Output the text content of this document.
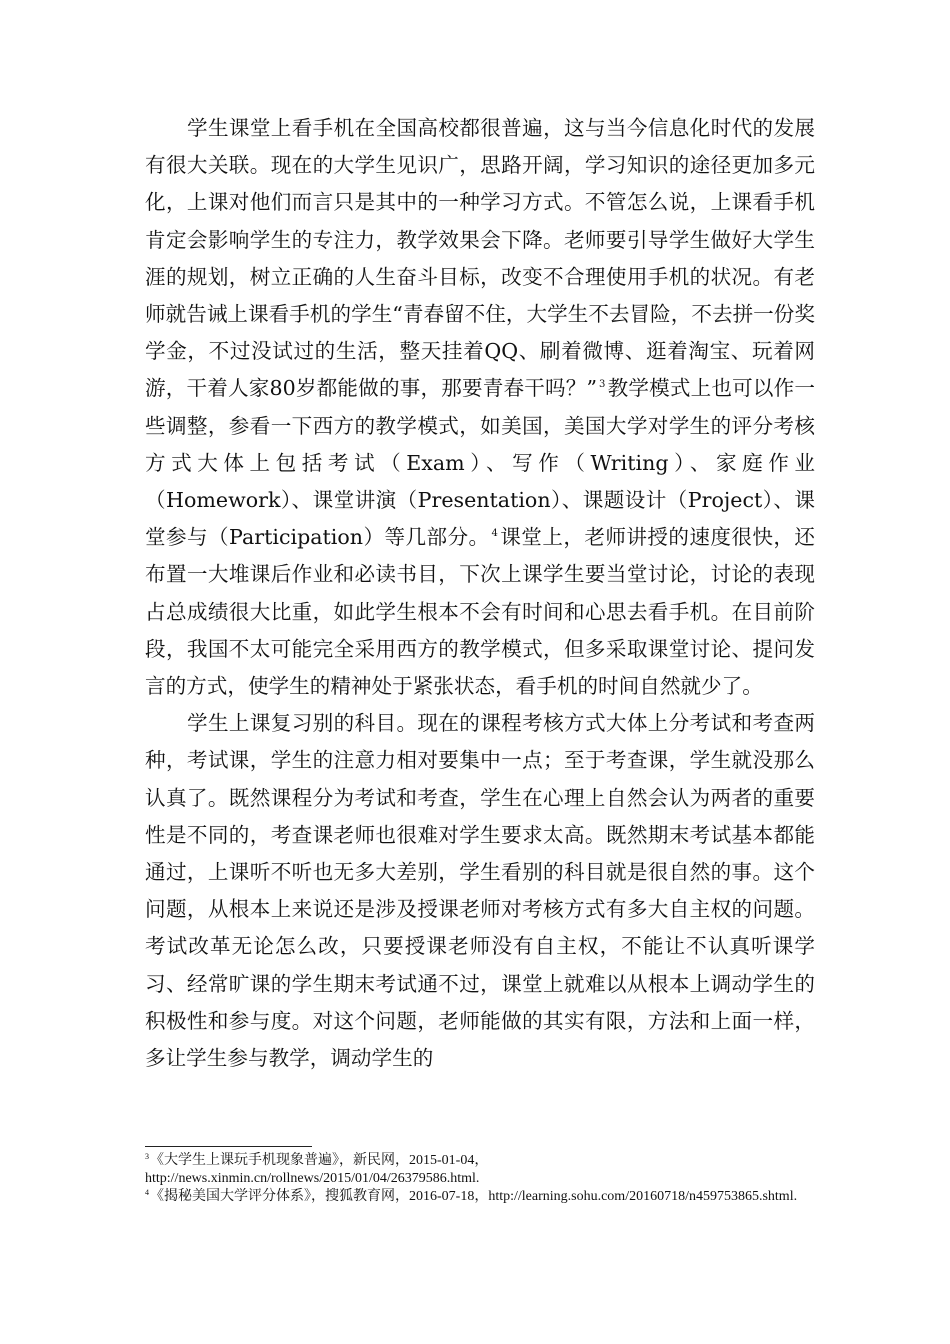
学生课堂上看手机在全国高校都很普遍，这与当今信息化时代的发展有很大关联。现在的大学生见识广，思路开阔，学习知识的途径更加多元化，上课对他们而言只是其中的一种学习方式。不管怎么说，上课看手机肯定会影响学生的专注力，教学效果会下降。老师要引导学生做好大学生涯的规划，树立正确的人生奋斗目标，改变不合理使用手机的状况。有老师就告诫上课看手机的学生“青春留不住，大学生不去冒险，不去拼一份奖学金，不过没试过的生活，整天挂着QQ、刷着微博、逛着淘宝、玩着网游，干着人家80岁都能做的事，那要青春干吗？” $^3$教学模式上也可以作一些调整，参看一下西方的教学模式，如美国，美国大学对学生的评分考核方式大体上包括考试（Exam）、写作（Writing）、家庭作业（Homework）、课堂讲演（Presentation）、课题设计（Project）、课堂参与（Participation）等几部分。 $^4$课堂上，老师讲授的速度很快，还布置一大堆课后作业和必读书目，下次上课学生要当堂讨论，讨论的表现占总成绩很大比重，如此学生根本不会有时间和心思去看手机。在目前阶段，我国不太可能完全采用西方的教学模式，但多采取课堂讨论、提问发言的方式，使学生的精神处于紧张状态，看手机的时间自然就少了。

学生上课复习别的科目。现在的课程考核方式大体上分考试和考查两种，考试课，学生的注意力相对要集中一点；至于考查课，学生就没那么认真了。既然课程分为考试和考查，学生在心理上自然会认为两者的重要性是不同的，考查课老师也很难对学生要求太高。既然期末考试基本都能通过，上课听不听也无多大差别，学生看别的科目就是很自然的事。这个问题，从根本上来说还是涉及授课老师对考核方式有多大自主权的问题。考试改革无论怎么改，只要授课老师没有自主权，不能让不认真听课学习、经常旷课的学生期末考试通不过，课堂上就难以从根本上调动学生的积极性和参与度。对这个问题，老师能做的其实有限，方法和上面一样，多让学生参与教学，调动学生的

$^3$《大学生上课玩手机现象普遍》，新民网，2015-01-04，http://news.xinmin.cn/rollnews/2015/01/04/26379586.html.

$^4$《揭秘美国大学评分体系》，搜狐教育网，2016-07-18，http://learning.sohu.com/20160718/n459753865.shtml.
